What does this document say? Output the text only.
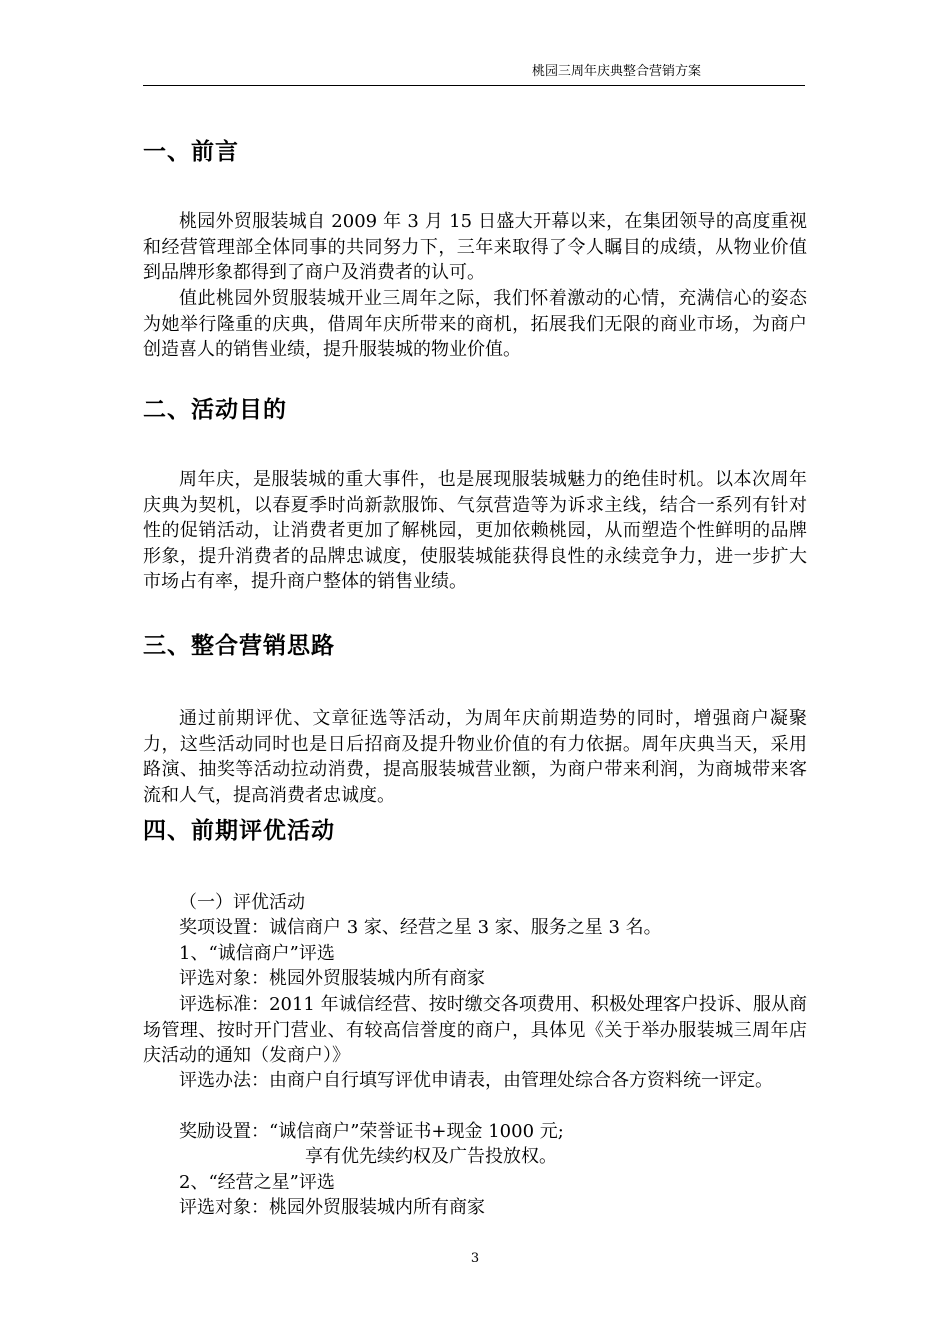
桃园三周年庆典整合营销方案
一、前言

桃园外贸服装城自 2009 年 3 月 15 日盛大开幕以来，在集团领导的高度重视和经营管理部全体同事的共同努力下，三年来取得了令人瞩目的成绩，从物业价值到品牌形象都得到了商户及消费者的认可。

值此桃园外贸服装城开业三周年之际，我们怀着激动的心情，充满信心的姿态为她举行隆重的庆典，借周年庆所带来的商机，拓展我们无限的商业市场，为商户创造喜人的销售业绩，提升服装城的物业价值。

二、活动目的

周年庆，是服装城的重大事件，也是展现服装城魅力的绝佳时机。以本次周年庆典为契机，以春夏季时尚新款服饰、气氛营造等为诉求主线，结合一系列有针对性的促销活动，让消费者更加了解桃园，更加依赖桃园，从而塑造个性鲜明的品牌形象，提升消费者的品牌忠诚度，使服装城能获得良性的永续竞争力，进一步扩大市场占有率，提升商户整体的销售业绩。

三、整合营销思路

通过前期评优、文章征选等活动，为周年庆前期造势的同时，增强商户凝聚力，这些活动同时也是日后招商及提升物业价值的有力依据。周年庆典当天，采用路演、抽奖等活动拉动消费，提高服装城营业额，为商户带来利润，为商城带来客流和人气，提高消费者忠诚度。

四、前期评优活动

（一）评优活动

奖项设置：诚信商户 3 家、经营之星 3 家、服务之星 3 名。

1、“诚信商户”评选

评选对象：桃园外贸服装城内所有商家

评选标准：2011 年诚信经营、按时缴交各项费用、积极处理客户投诉、服从商场管理、按时开门营业、有较高信誉度的商户，具体见《关于举办服装城三周年店庆活动的通知（发商户）》

评选办法：由商户自行填写评优申请表，由管理处综合各方资料统一评定。

奖励设置：“诚信商户”荣誉证书+现金 1000 元;

享有优先续约权及广告投放权。

2、“经营之星”评选

评选对象：桃园外贸服装城内所有商家

3
